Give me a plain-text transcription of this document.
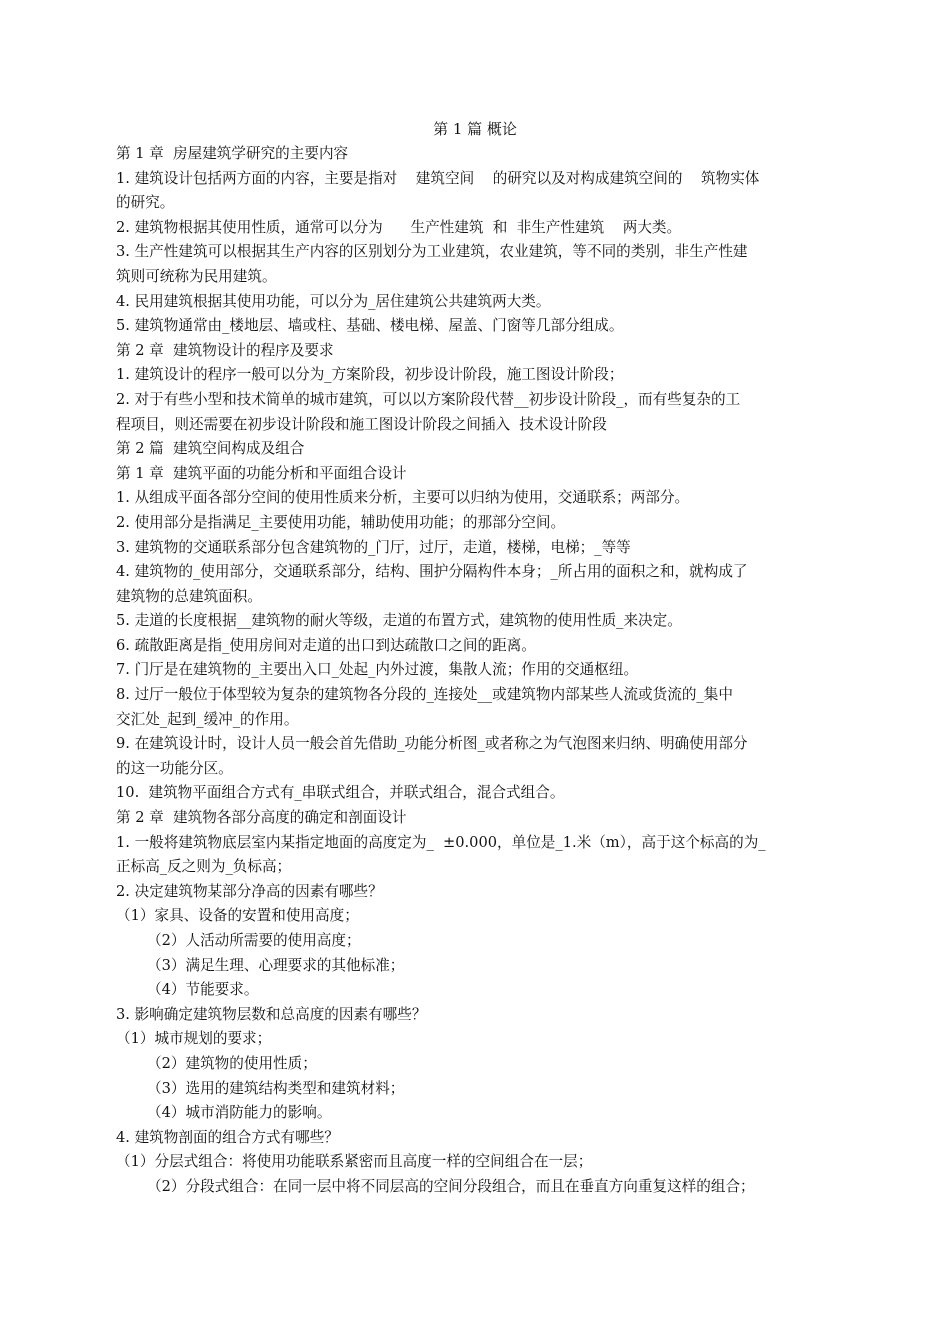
第 1 篇 概论
第 1 章  房屋建筑学研究的主要内容
1. 建筑设计包括两方面的内容，主要是指对    建筑空间    的研究以及对构成建筑空间的    筑物实体
的研究。
2. 建筑物根据其使用性质，通常可以分为      生产性建筑  和  非生产性建筑    两大类。
3. 生产性建筑可以根据其生产内容的区别划分为工业建筑，农业建筑，等不同的类别，非生产性建
筑则可统称为民用建筑。
4. 民用建筑根据其使用功能，可以分为_居住建筑公共建筑两大类。
5. 建筑物通常由_楼地层、墙或柱、基础、楼电梯、屋盖、门窗等几部分组成。
第 2 章  建筑物设计的程序及要求
1. 建筑设计的程序一般可以分为_方案阶段，初步设计阶段，施工图设计阶段；
2. 对于有些小型和技术简单的城市建筑，可以以方案阶段代替__初步设计阶段_，而有些复杂的工
程项目，则还需要在初步设计阶段和施工图设计阶段之间插入  技术设计阶段
第 2 篇  建筑空间构成及组合
第 1 章  建筑平面的功能分析和平面组合设计
1. 从组成平面各部分空间的使用性质来分析，主要可以归纳为使用，交通联系；两部分。
2. 使用部分是指满足_主要使用功能，辅助使用功能；的那部分空间。
3. 建筑物的交通联系部分包含建筑物的_门厅，过厅，走道，楼梯，电梯；_等等
4. 建筑物的_使用部分，交通联系部分，结构、围护分隔构件本身；_所占用的面积之和，就构成了
建筑物的总建筑面积。
5. 走道的长度根据__建筑物的耐火等级，走道的布置方式，建筑物的使用性质_来决定。
6. 疏散距离是指_使用房间对走道的出口到达疏散口之间的距离。
7. 门厅是在建筑物的_主要出入口_处起_内外过渡，集散人流；作用的交通枢纽。
8. 过厅一般位于体型较为复杂的建筑物各分段的_连接处__或建筑物内部某些人流或货流的_集中
交汇处_起到_缓冲_的作用。
9. 在建筑设计时，设计人员一般会首先借助_功能分析图_或者称之为气泡图来归纳、明确使用部分
的这一功能分区。
10.  建筑物平面组合方式有_串联式组合，并联式组合，混合式组合。
第 2 章  建筑物各部分高度的确定和剖面设计
1. 一般将建筑物底层室内某指定地面的高度定为_  ±0.000，单位是_1.米（m），高于这个标高的为_
正标高_反之则为_负标高；
2. 决定建筑物某部分净高的因素有哪些？
（1）家具、设备的安置和使用高度；
（2）人活动所需要的使用高度；
（3）满足生理、心理要求的其他标准；
（4）节能要求。
3. 影响确定建筑物层数和总高度的因素有哪些？
（1）城市规划的要求；
（2）建筑物的使用性质；
（3）选用的建筑结构类型和建筑材料；
（4）城市消防能力的影响。
4. 建筑物剖面的组合方式有哪些？
（1）分层式组合：将使用功能联系紧密而且高度一样的空间组合在一层；
（2）分段式组合：在同一层中将不同层高的空间分段组合，而且在垂直方向重复这样的组合；
